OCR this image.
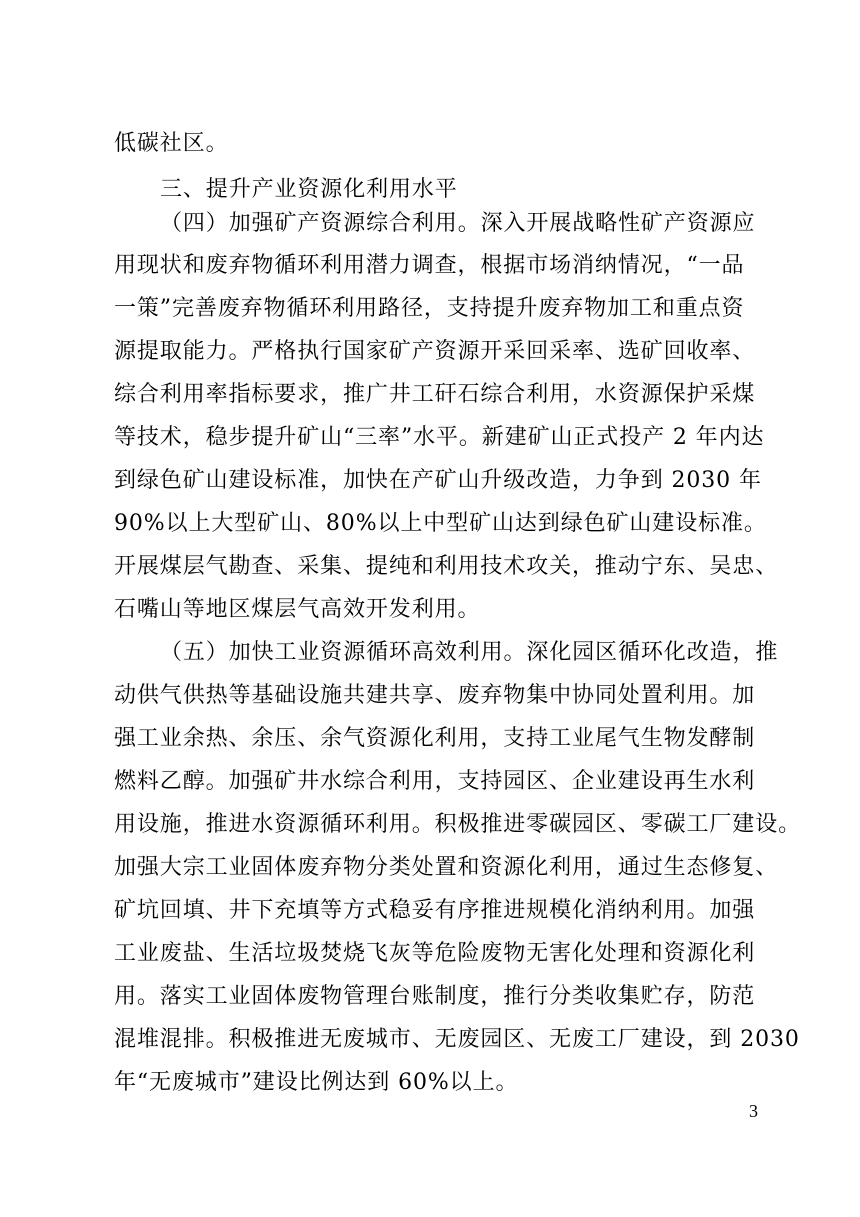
低碳社区。
三、提升产业资源化利用水平
（四）加强矿产资源综合利用。深入开展战略性矿产资源应
用现状和废弃物循环利用潜力调查，根据市场消纳情况，“一品
一策”完善废弃物循环利用路径，支持提升废弃物加工和重点资
源提取能力。严格执行国家矿产资源开采回采率、选矿回收率、
综合利用率指标要求，推广井工矸石综合利用，水资源保护采煤
等技术，稳步提升矿山“三率”水平。新建矿山正式投产 2 年内达
到绿色矿山建设标准，加快在产矿山升级改造，力争到 2030 年
90%以上大型矿山、80%以上中型矿山达到绿色矿山建设标准。
开展煤层气勘查、采集、提纯和利用技术攻关，推动宁东、吴忠、
石嘴山等地区煤层气高效开发利用。
（五）加快工业资源循环高效利用。深化园区循环化改造，推
动供气供热等基础设施共建共享、废弃物集中协同处置利用。加
强工业余热、余压、余气资源化利用，支持工业尾气生物发酵制
燃料乙醇。加强矿井水综合利用，支持园区、企业建设再生水利
用设施，推进水资源循环利用。积极推进零碳园区、零碳工厂建设。
加强大宗工业固体废弃物分类处置和资源化利用，通过生态修复、
矿坑回填、井下充填等方式稳妥有序推进规模化消纳利用。加强
工业废盐、生活垃圾焚烧飞灰等危险废物无害化处理和资源化利
用。落实工业固体废物管理台账制度，推行分类收集贮存，防范
混堆混排。积极推进无废城市、无废园区、无废工厂建设，到 2030
年“无废城市”建设比例达到 60%以上。
3
